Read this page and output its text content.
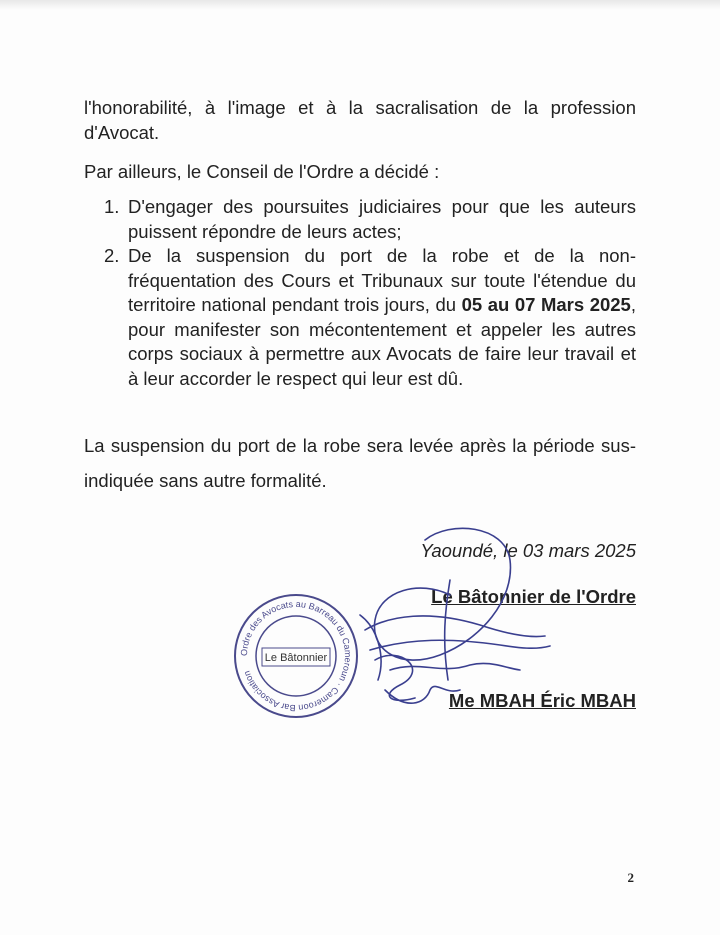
l'honorabilité, à l'image et à la sacralisation de la profession d'Avocat.
Par ailleurs, le Conseil de l'Ordre a décidé :
1. D'engager des poursuites judiciaires pour que les auteurs puissent répondre de leurs actes;
2. De la suspension du port de la robe et de la non-fréquentation des Cours et Tribunaux sur toute l'étendue du territoire national pendant trois jours, du 05 au 07 Mars 2025, pour manifester son mécontentement et appeler les autres corps sociaux à permettre aux Avocats de faire leur travail et à leur accorder le respect qui leur est dû.
La suspension du port de la robe sera levée après la période sus-indiquée sans autre formalité.
Yaoundé, le 03 mars 2025
Le Bâtonnier de l'Ordre
Ordre des Avocats au Barreau du Cameroun · Cameroon Bar Association
Le Bâtonnier
Me MBAH Éric MBAH
2
